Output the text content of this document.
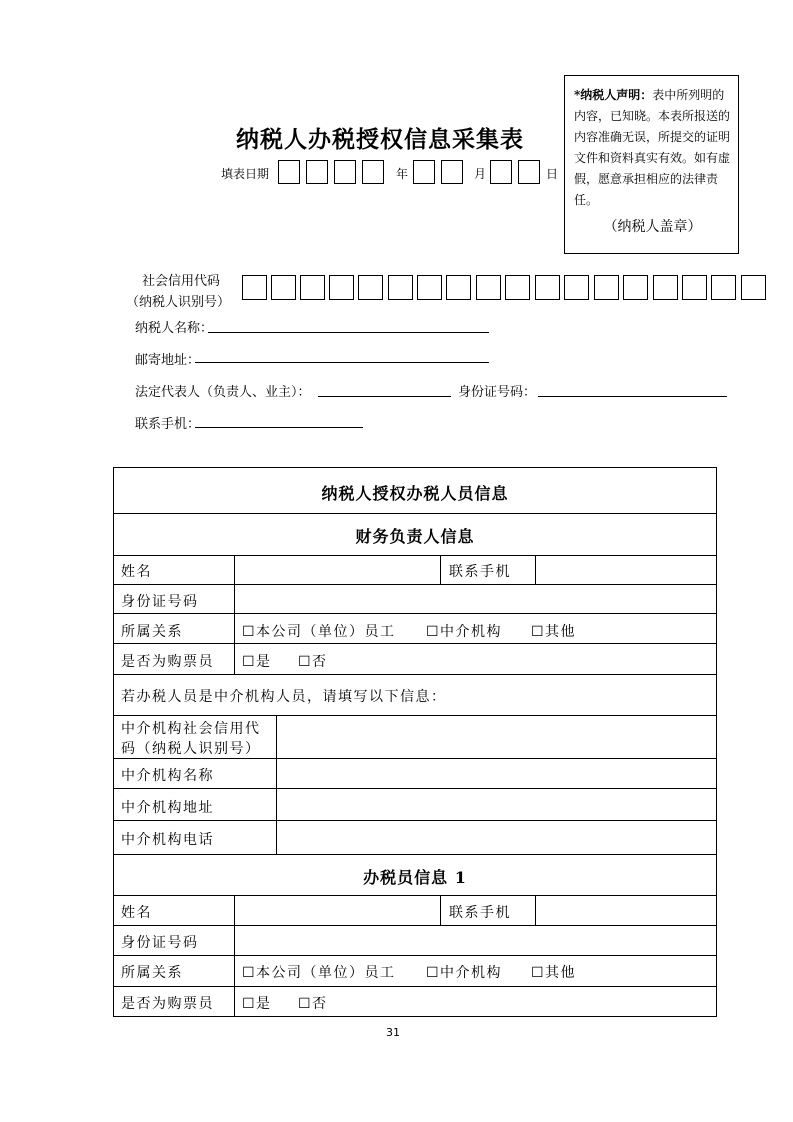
纳税人办税授权信息采集表
填表日期	年	月	日
*纳税人声明：表中所列明的内容，已知晓。本表所报送的内容准确无误，所提交的证明文件和资料真实有效。如有虚假，愿意承担相应的法律责任。
（纳税人盖章）
社会信用代码
（纳税人识别号）
纳税人名称：
邮寄地址：
法定代表人（负责人、业主）：	身份证号码：
联系手机：
纳税人授权办税人员信息
财务负责人信息
姓名	联系手机
身份证号码
所属关系	☐本公司（单位）员工 ☐中介机构 ☐其他
是否为购票员 ☐是 ☐否
若办税人员是中介机构人员，请填写以下信息：
中介机构社会信用代
码（纳税人识别号）
中介机构名称
中介机构地址
中介机构电话
办税员信息 1
姓名	联系手机
身份证号码
所属关系	☐本公司（单位）员工 ☐中介机构 ☐其他
是否为购票员 ☐是 ☐否
31
